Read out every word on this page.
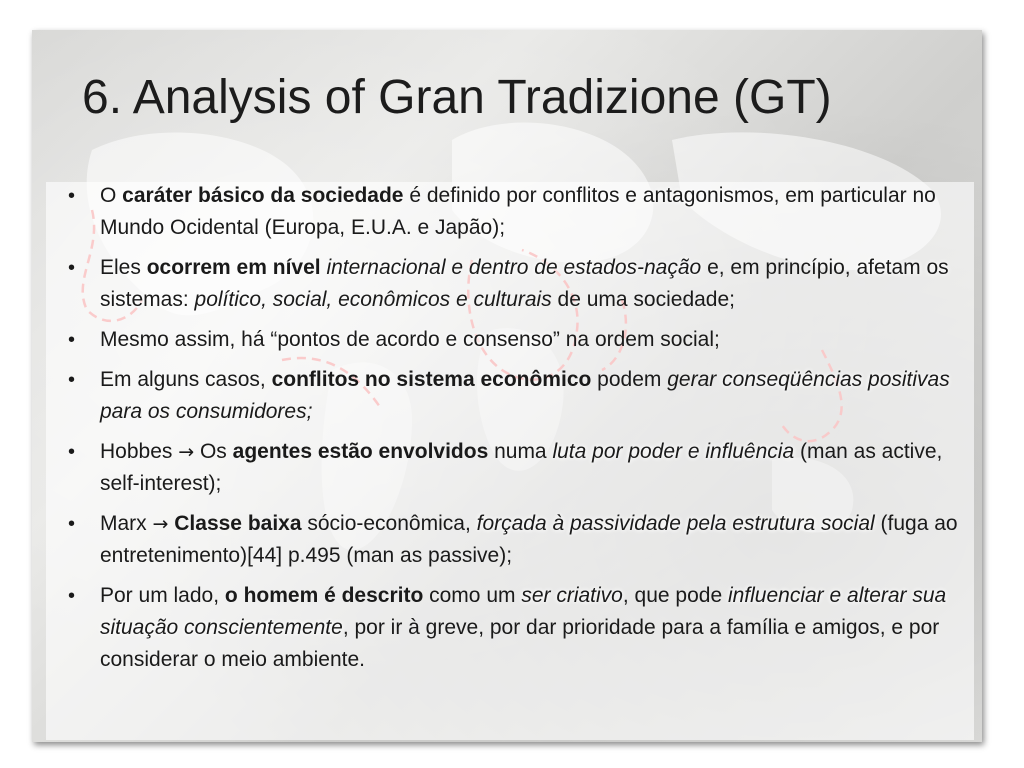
6. Analysis of Gran Tradizione (GT)
• O caráter básico da sociedade é definido por conflitos e antagonismos, em particular no Mundo Ocidental (Europa, E.U.A. e Japão);
• Eles ocorrem em nível internacional e dentro de estados-nação e, em princípio, afetam os sistemas: político, social, econômicos e culturais de uma sociedade;
• Mesmo assim, há “pontos de acordo e consenso” na ordem social;
• Em alguns casos, conflitos no sistema econômico podem gerar conseqüências positivas para os consumidores;
• Hobbes → Os agentes estão envolvidos numa luta por poder e influência (man as active, self-interest);
• Marx → Classe baixa sócio-econômica, forçada à passividade pela estrutura social (fuga ao entretenimento)[44] p.495 (man as passive);
• Por um lado, o homem é descrito como um ser criativo, que pode influenciar e alterar sua situação conscientemente, por ir à greve, por dar prioridade para a família e amigos, e por considerar o meio ambiente.
